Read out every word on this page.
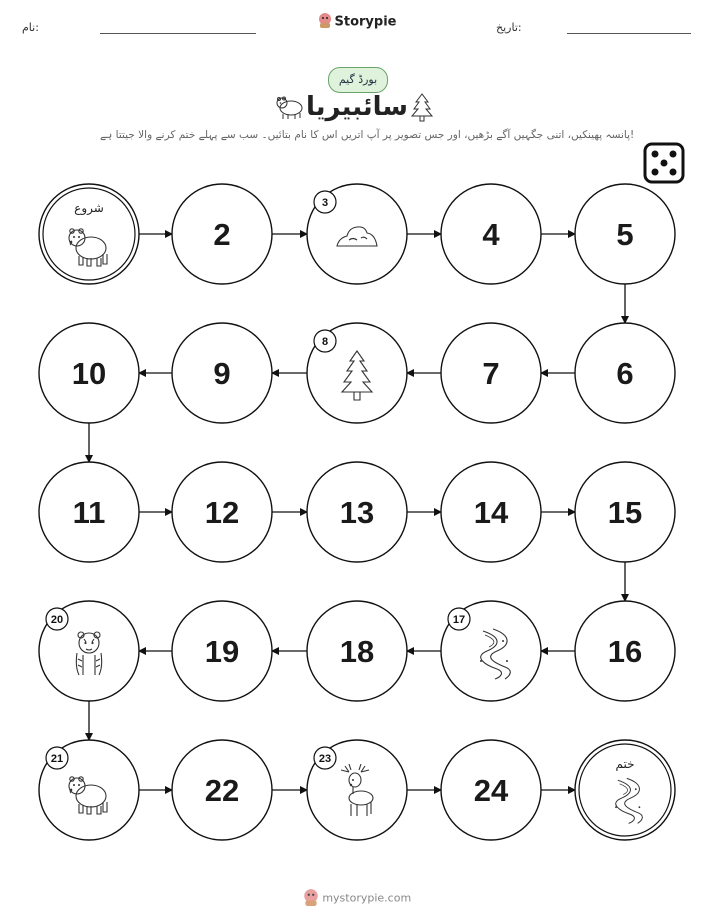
نام:	Storypie	تاریخ:
بورڈ گیم
سائبیریا
پانسہ پھینکیں، اتنی جگہیں آگے بڑھیں، اور جس تصویر پر آپ اتریں اس کا نام بتائیں۔ سب سے پہلے ختم کرنے والا جیتتا ہے!
شروع
2
3
4	5
6
7
8
9
10
11	12	13	14	15
16
17
18
19
20
21
22
23
24
ختم
mystorypie.com
